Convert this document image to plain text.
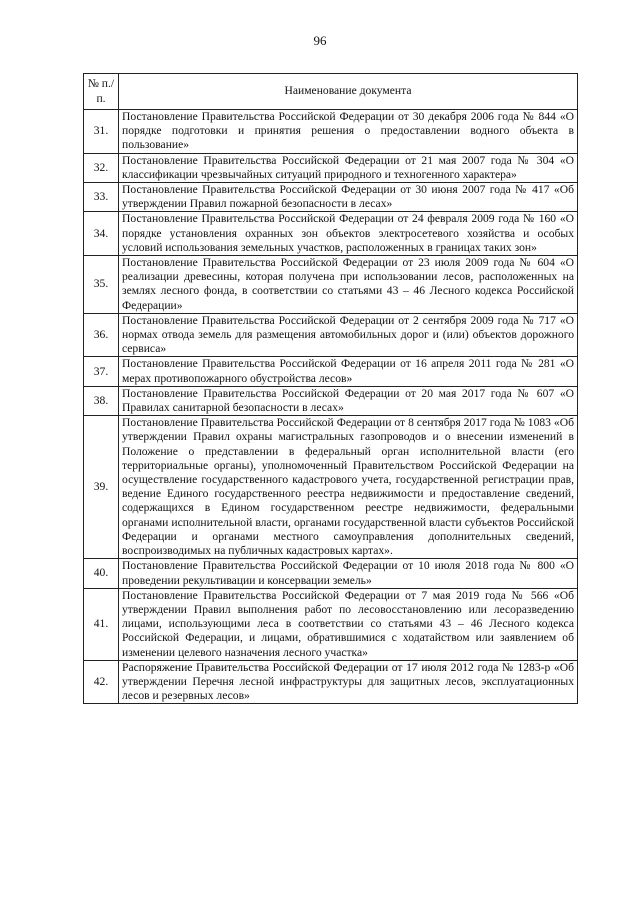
96
№ п./п.	Наименование документа
31.	Постановление Правительства Российской Федерации от 30 декабря 2006 года № 844 «О порядке подготовки и принятия решения о предоставлении водного объекта в пользование»
32.	Постановление Правительства Российской Федерации от 21 мая 2007 года № 304 «О классификации чрезвычайных ситуаций природного и техногенного характера»
33.	Постановление Правительства Российской Федерации от 30 июня 2007 года № 417 «Об утверждении Правил пожарной безопасности в лесах»
34.	Постановление Правительства Российской Федерации от 24 февраля 2009 года № 160 «О порядке установления охранных зон объектов электросетевого хозяйства и особых условий использования земельных участков, расположенных в границах таких зон»
35.	Постановление Правительства Российской Федерации от 23 июля 2009 года № 604 «О реализации древесины, которая получена при использовании лесов, расположенных на землях лесного фонда, в соответствии со статьями 43 – 46 Лесного кодекса Российской Федерации»
36.	Постановление Правительства Российской Федерации от 2 сентября 2009 года № 717 «О нормах отвода земель для размещения автомобильных дорог и (или) объектов дорожного сервиса»
37.	Постановление Правительства Российской Федерации от 16 апреля 2011 года № 281 «О мерах противопожарного обустройства лесов»
38.	Постановление Правительства Российской Федерации от 20 мая 2017 года № 607 «О Правилах санитарной безопасности в лесах»
39.	Постановление Правительства Российской Федерации от 8 сентября 2017 года № 1083 «Об утверждении Правил охраны магистральных газопроводов и о внесении изменений в Положение о представлении в федеральный орган исполнительной власти (его территориальные органы), уполномоченный Правительством Российской Федерации на осуществление государственного кадастрового учета, государственной регистрации прав, ведение Единого государственного реестра недвижимости и предоставление сведений, содержащихся в Едином государственном реестре недвижимости, федеральными органами исполнительной власти, органами государственной власти субъектов Российской Федерации и органами местного самоуправления дополнительных сведений, воспроизводимых на публичных кадастровых картах».
40.	Постановление Правительства Российской Федерации от 10 июля 2018 года № 800 «О проведении рекультивации и консервации земель»
41.	Постановление Правительства Российской Федерации от 7 мая 2019 года № 566 «Об утверждении Правил выполнения работ по лесовосстановлению или лесоразведению лицами, использующими леса в соответствии со статьями 43 – 46 Лесного кодекса Российской Федерации, и лицами, обратившимися с ходатайством или заявлением об изменении целевого назначения лесного участка»
42.	Распоряжение Правительства Российской Федерации от 17 июля 2012 года № 1283-р «Об утверждении Перечня лесной инфраструктуры для защитных лесов, эксплуатационных лесов и резервных лесов»
